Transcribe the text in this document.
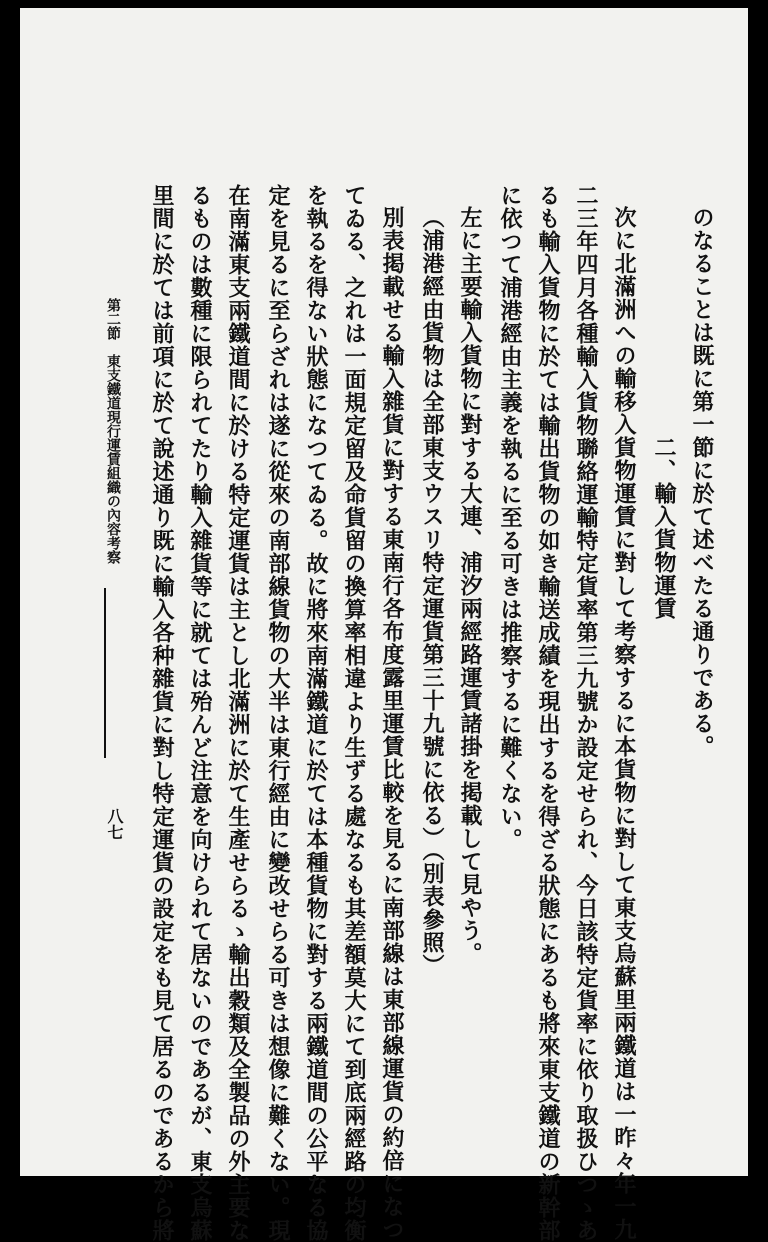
のなることは既に第一節に於て述べたる通りである。
　　　　　　　　　　二、輸入貨物運賃
次に北滿洲への輸移入貨物運賃に對して考察するに本貨物に對して東支烏蘇里兩鐵道は一昨々年一九
二三年四月各種輸入貨物聯絡運輸特定貨率第三九號か設定せられ、今日該特定貨率に依り取扱ひつゝあ
るも輸入貨物に於ては輸出貨物の如き輸送成績を現出するを得ざる狀態にあるも將來東支鐵道の新幹部
に依つて浦港經由主義を執るに至る可きは推察するに難くない。
左に主要輸入貨物に對する大連、浦汐兩經路運賃諸掛を掲載して見やう。
（浦港經由貨物は全部東支ウスリ特定運貨第三十九號に依る）（別表參照）
別表掲載せる輸入雜貨に對する東南行各布度露里運賃比較を見るに南部線は東部線運貨の約倍になつ
てゐる、之れは一面規定留及命貨留の換算率相違より生ずる處なるも其差額莫大にて到底兩經路の均衡
を執るを得ない狀態になつてゐる。故に將來南滿鐵道に於ては本種貨物に對する兩鐵道間の公平なる協
定を見るに至らざれは遂に從來の南部線貨物の大半は東行經由に變改せらる可きは想像に難くない。現
在南滿東支兩鐵道間に於ける特定運貨は主とし北滿洲に於て生產せらるゝ輸出穀類及全製品の外主要な
るものは數種に限られてたり輸入雜貨等に就ては殆んど注意を向けられて居ないのであるが、東支烏蘇
里間に於ては前項に於て說述通り既に輸入各种雜貨に對し特定運貨の設定をも見て居るのであるから將
第二節　東支鐵道現行運賃組織の內容考察
八七
